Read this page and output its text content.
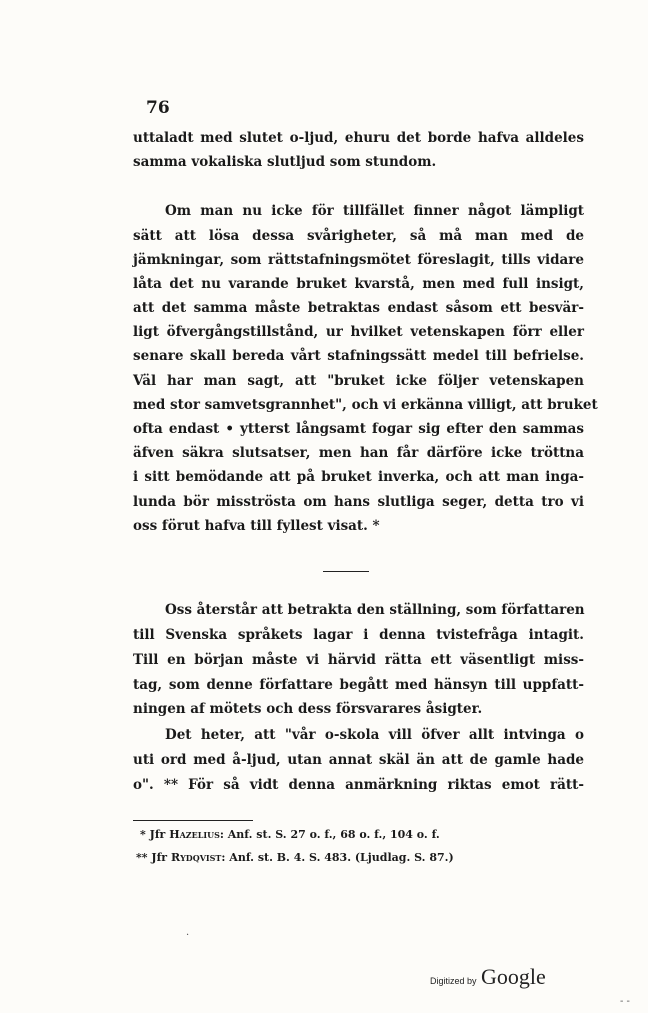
76
uttaladt med slutet o-ljud, ehuru det borde hafva alldeles
samma vokaliska slutljud som stundom.
Om man nu icke för tillfället finner något lämpligt
sätt att lösa dessa svårigheter, så må man med de
jämkningar, som rättstafningsmötet föreslagit, tills vidare
låta det nu varande bruket kvarstå, men med full insigt,
att det samma måste betraktas endast såsom ett besvär-
ligt öfvergångstillstånd, ur hvilket vetenskapen förr eller
senare skall bereda vårt stafningssätt medel till befrielse.
Väl har man sagt, att "bruket icke följer vetenskapen
med stor samvetsgrannhet", och vi erkänna villigt, att bruket
ofta endast • ytterst långsamt fogar sig efter den sammas
äfven säkra slutsatser, men han får därföre icke tröttna
i sitt bemödande att på bruket inverka, och att man inga-
lunda bör misströsta om hans slutliga seger, detta tro vi
oss förut hafva till fyllest visat. *
Oss återstår att betrakta den ställning, som författaren
till Svenska språkets lagar i denna tvistefråga intagit.
Till en början måste vi härvid rätta ett väsentligt miss-
tag, som denne författare begått med hänsyn till uppfatt-
ningen af mötets och dess försvarares åsigter.
Det heter, att "vår o-skola vill öfver allt intvinga o
uti ord med å-ljud, utan annat skäl än att de gamle hade
o". ** För så vidt denna anmärkning riktas emot rätt-
* Jfr Hazelius: Anf. st. S. 27 o. f., 68 o. f., 104 o. f.
** Jfr Rydqvist: Anf. st. B. 4. S. 483. (Ljudlag. S. 87.)
·
Digitized by Google
- -
